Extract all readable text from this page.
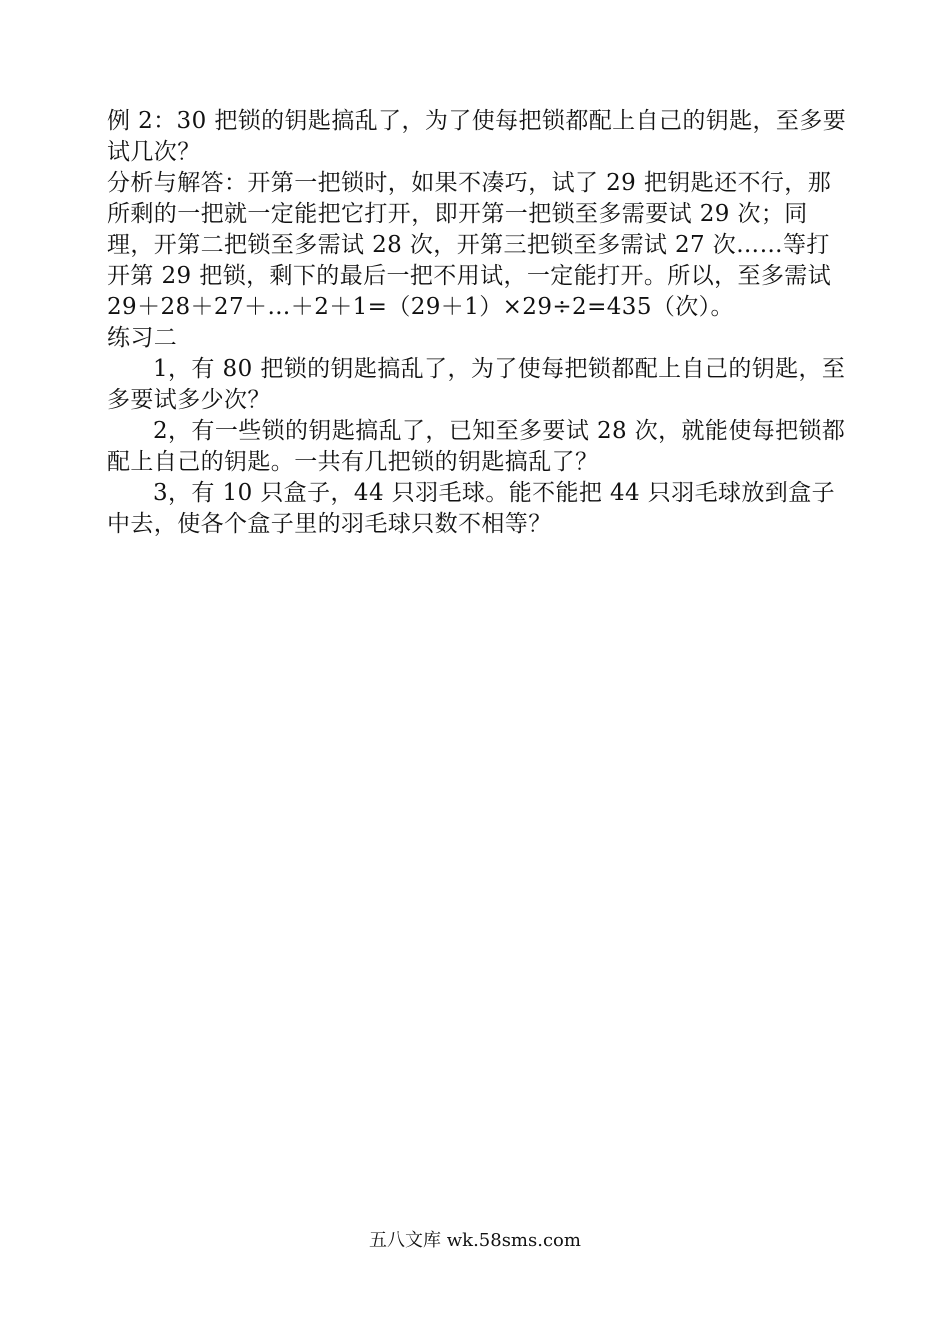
例 2：30 把锁的钥匙搞乱了，为了使每把锁都配上自己的钥匙，至多要试几次？

分析与解答：开第一把锁时，如果不凑巧，试了 29 把钥匙还不行，那所剩的一把就一定能把它打开，即开第一把锁至多需要试 29 次；同理，开第二把锁至多需试 28 次，开第三把锁至多需试 27 次……等打开第 29 把锁，剩下的最后一把不用试，一定能打开。所以，至多需试 29＋28＋27＋…＋2＋1=（29＋1）×29÷2=435（次）。

练习二

1，有 80 把锁的钥匙搞乱了，为了使每把锁都配上自己的钥匙，至多要试多少次？

2，有一些锁的钥匙搞乱了，已知至多要试 28 次，就能使每把锁都配上自己的钥匙。一共有几把锁的钥匙搞乱了？

3，有 10 只盒子，44 只羽毛球。能不能把 44 只羽毛球放到盒子中去，使各个盒子里的羽毛球只数不相等？

五八文库 wk.58sms.com
